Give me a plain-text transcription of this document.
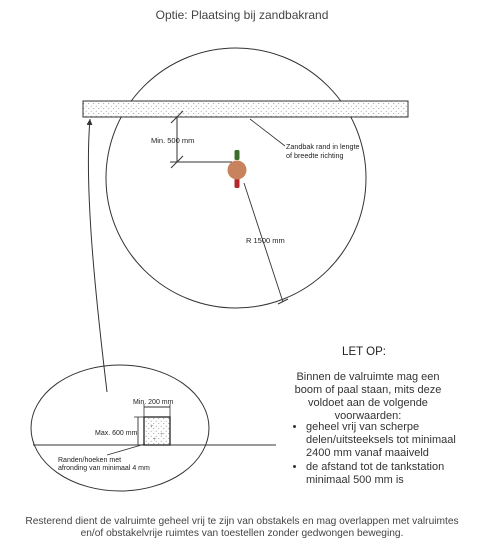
Optie: Plaatsing bij zandbakrand
Min. 500 mm
Zandbak rand in lengte
of breedte richting
R 1500 mm
+
+
+
Min. 200 mm
Max. 600 mm
Randen/hoeken met
afronding van minimaal 4 mm
LET OP:
Binnen de valruimte mag een boom of paal staan, mits deze voldoet aan de volgende voorwaarden:
• geheel vrij van scherpe delen/uitsteeksels tot minimaal 2400 mm vanaf maaiveld
• de afstand tot de tankstation minimaal 500 mm is
Resterend dient de valruimte geheel vrij te zijn van obstakels en mag overlappen met valruimtes en/of obstakelvrije ruimtes van toestellen zonder gedwongen beweging.
